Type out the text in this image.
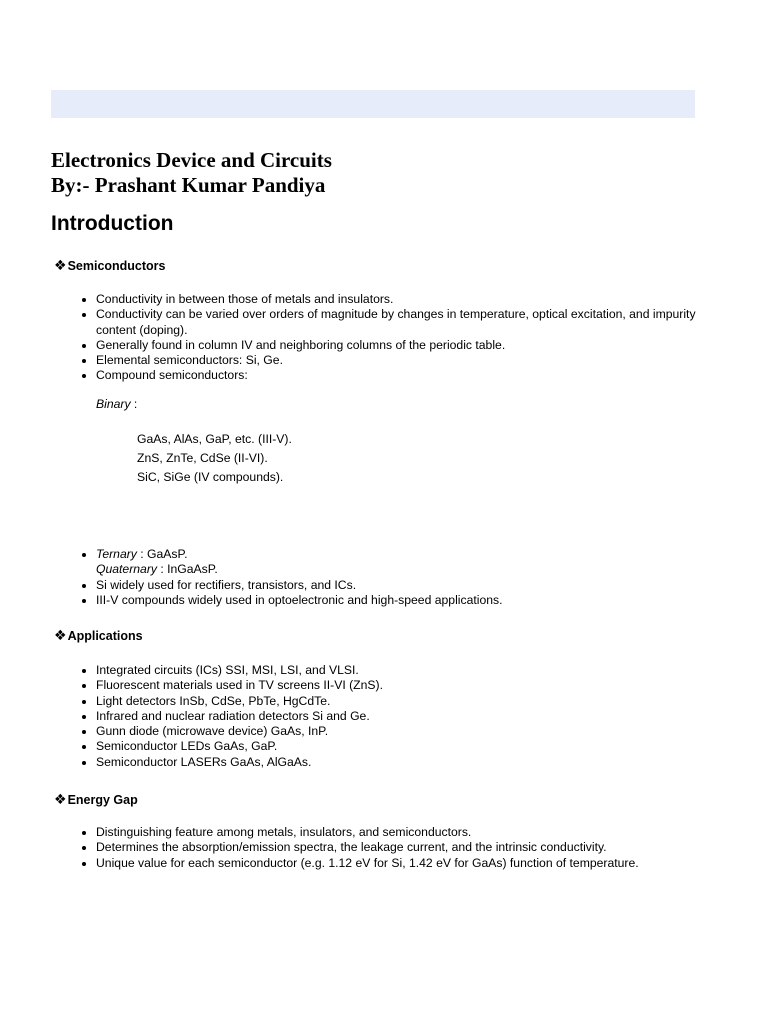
Electronics Device and Circuits
By:- Prashant Kumar Pandiya
Introduction
❖ Semiconductors
• Conductivity in between those of metals and insulators.
• Conductivity can be varied over orders of magnitude by changes in temperature, optical excitation, and impurity content (doping).
• Generally found in column IV and neighboring columns of the periodic table.
• Elemental semiconductors: Si, Ge.
• Compound semiconductors:
Binary :
GaAs, AlAs, GaP, etc. (III-V).
ZnS, ZnTe, CdSe (II-VI).
SiC, SiGe (IV compounds).
• Ternary : GaAsP.
Quaternary : InGaAsP.
• Si widely used for rectifiers, transistors, and ICs.
• III-V compounds widely used in optoelectronic and high-speed applications.
❖ Applications
• Integrated circuits (ICs) SSI, MSI, LSI, and VLSI.
• Fluorescent materials used in TV screens II-VI (ZnS).
• Light detectors InSb, CdSe, PbTe, HgCdTe.
• Infrared and nuclear radiation detectors Si and Ge.
• Gunn diode (microwave device) GaAs, InP.
• Semiconductor LEDs GaAs, GaP.
• Semiconductor LASERs GaAs, AlGaAs.
❖ Energy Gap
• Distinguishing feature among metals, insulators, and semiconductors.
• Determines the absorption/emission spectra, the leakage current, and the intrinsic conductivity.
• Unique value for each semiconductor (e.g. 1.12 eV for Si, 1.42 eV for GaAs) function of temperature.
